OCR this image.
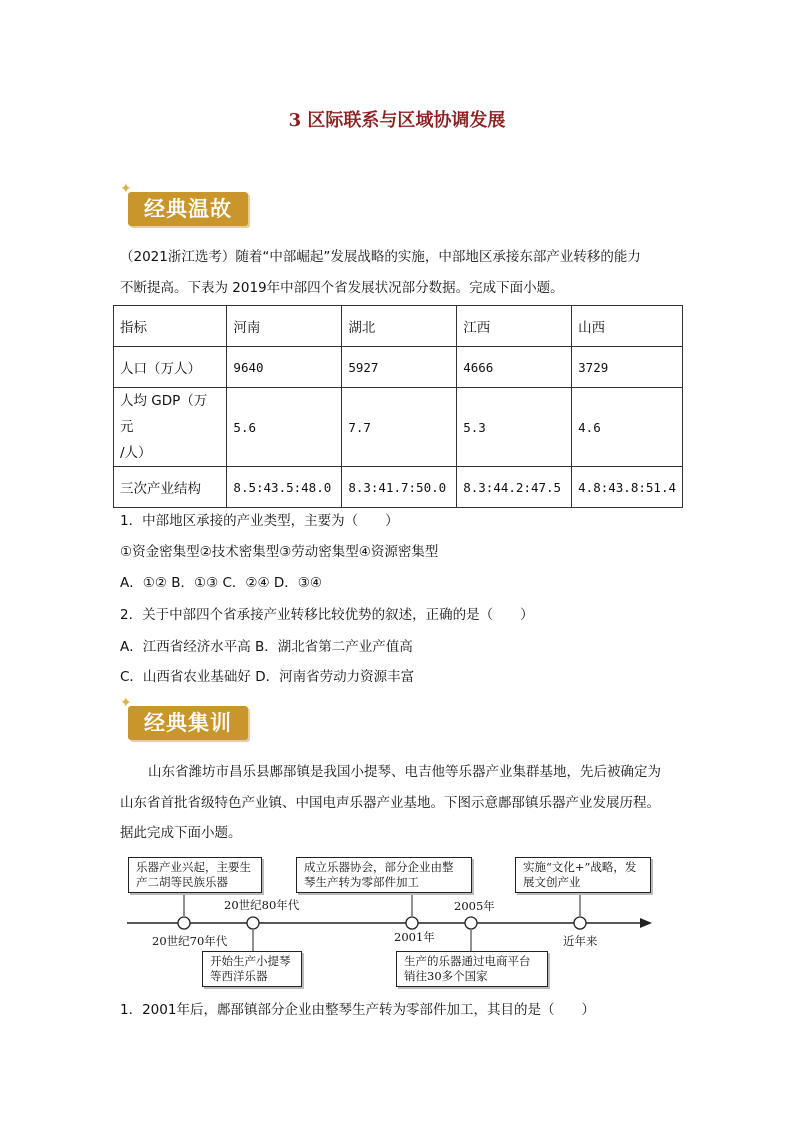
3 区际联系与区域协调发展
✦
经典温故
（2021浙江选考）随着“中部崛起”发展战略的实施，中部地区承接东部产业转移的能力
不断提高。下表为 2019年中部四个省发展状况部分数据。完成下面小题。
指标	河南	湖北	江西	山西
人口（万人）	9640	5927	4666	3729

人均 GDP（万元
/人）	5.6	7.7	5.3	4.6
三次产业结构	8.5:43.5:48.0	8.3:41.7:50.0	8.3:44.2:47.5	4.8:43.8:51.4
1．中部地区承接的产业类型，主要为（　　）
①资金密集型②技术密集型③劳动密集型④资源密集型
A．①② B．①③ C．②④ D．③④
2．关于中部四个省承接产业转移比较优势的叙述，正确的是（　　）
A．江西省经济水平高 B．湖北省第二产业产值高
C．山西省农业基础好 D．河南省劳动力资源丰富
✦
经典集训
山东省潍坊市昌乐县鄌郚镇是我国小提琴、电吉他等乐器产业集群基地，先后被确定为
山东省首批省级特色产业镇、中国电声乐器产业基地。下图示意鄌郚镇乐器产业发展历程。
据此完成下面小题。
乐器产业兴起，主要生产二胡等民族乐器
成立乐器协会，部分企业由整琴生产转为零部件加工
实施“文化+”战略，发展文创产业
开始生产小提琴等西洋乐器
生产的乐器通过电商平台销往30多个国家
20世纪70年代
20世纪80年代
2001年
2005年
近年来
1．2001年后，鄌郚镇部分企业由整琴生产转为零部件加工，其目的是（　　）
